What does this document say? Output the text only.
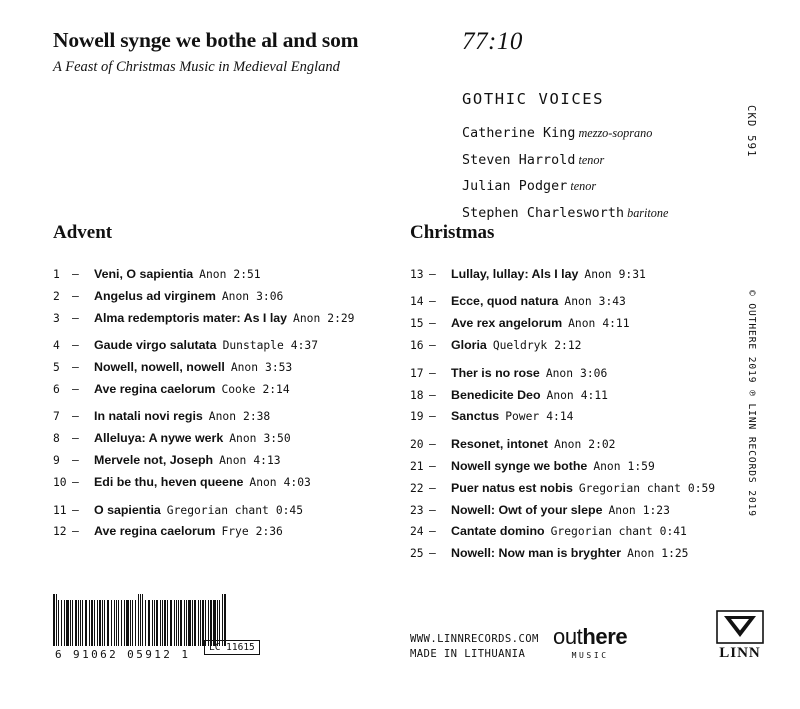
Nowell synge we bothe al and som

A Feast of Christmas Music in Medieval England

77:10
GOTHIC VOICES
Catherine King mezzo-soprano
Steven Harrold tenor
Julian Podger tenor
Stephen Charlesworth baritone
CKD 591
© OUTHERE 2019 ℗ LINN RECORDS 2019
Advent
1	—	Veni, O sapientia Anon 2:51
2	—	Angelus ad virginem Anon 3:06
3	—	Alma redemptoris mater: As I lay Anon 2:29
4	—	Gaude virgo salutata Dunstaple 4:37
5	—	Nowell, nowell, nowell Anon 3:53
6	—	Ave regina caelorum Cooke 2:14
7	—	In natali novi regis Anon 2:38
8	—	Alleluya: A nywe werk Anon 3:50
9	—	Mervele not, Joseph Anon 4:13
10 —	Edi be thu, heven queene Anon 4:03
11 —	O sapientia Gregorian chant 0:45
12 —	Ave regina caelorum Frye 2:36
Christmas
13 —	Lullay, lullay: Als I lay Anon 9:31
14 —	Ecce, quod natura Anon 3:43
15 —	Ave rex angelorum Anon 4:11
16 —	Gloria Queldryk 2:12
17 —	Ther is no rose Anon 3:06
18 —	Benedicite Deo Anon 4:11
19 —	Sanctus Power 4:14
20 —	Resonet, intonet Anon 2:02
21 —	Nowell synge we bothe Anon 1:59
22 —	Puer natus est nobis Gregorian chant 0:59
23 —	Nowell: Owt of your slepe Anon 1:23
24 —	Cantate domino Gregorian chant 0:41
25 —	Nowell: Now man is bryghter Anon 1:25
6 91062 05912 1
LC 11615
WWW.LINNRECORDS.COM
MADE IN LITHUANIA
outhere
MUSIC	LINN
